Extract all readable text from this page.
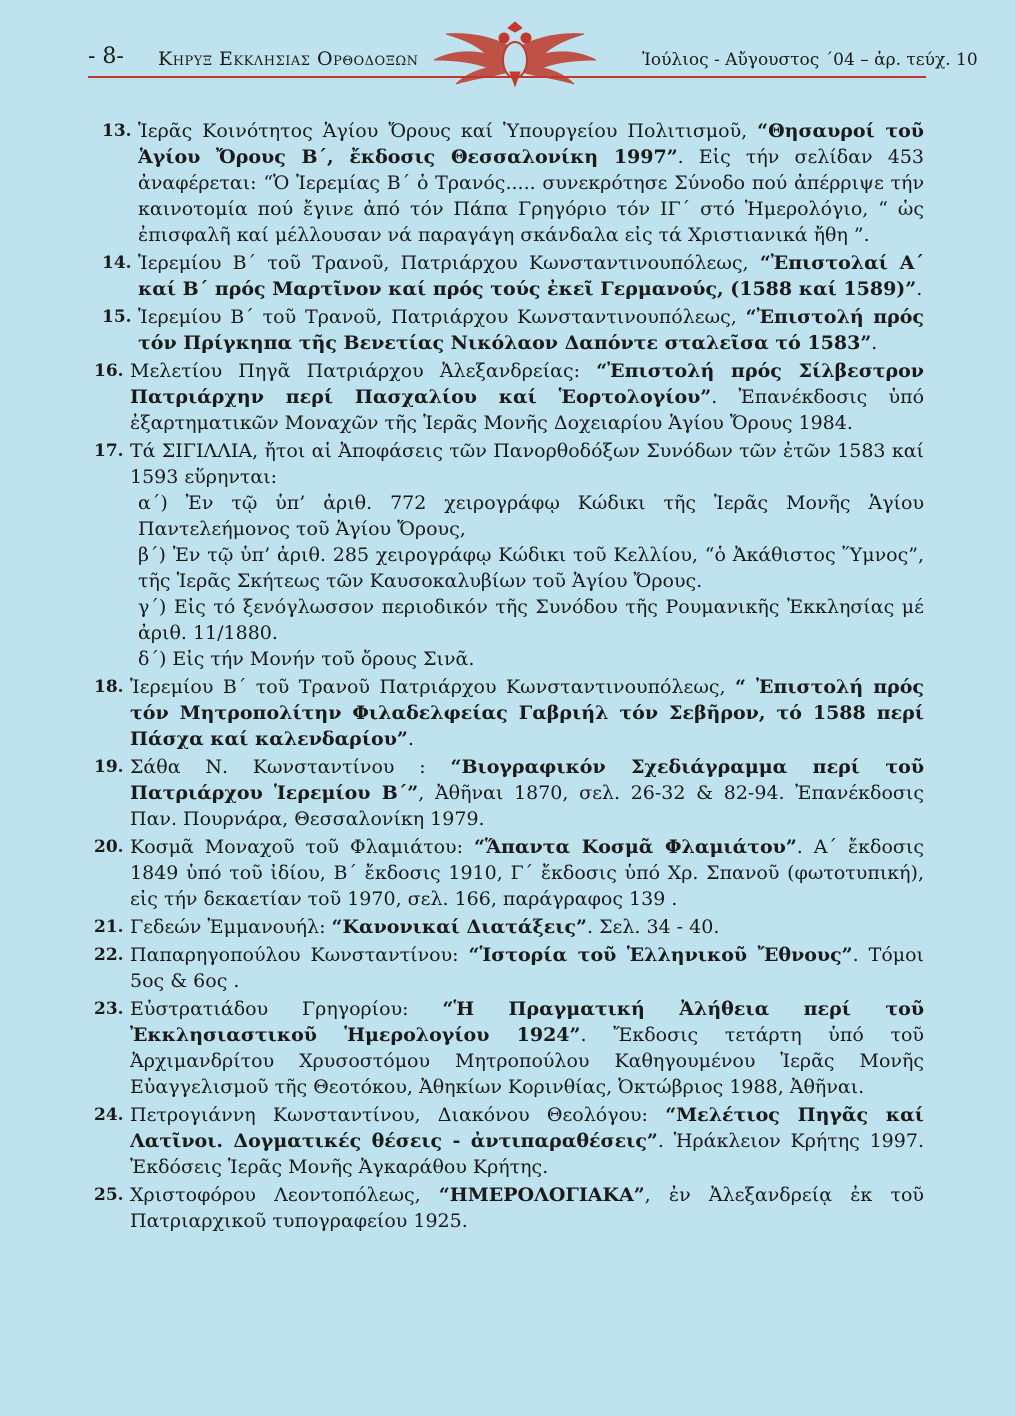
- 8- Κηρυξ Εκκλησιας Ορθοδοξων	Ἰούλιος - Αὔγουστος ΄04 – ἀρ. τεύχ. 10
13. Ἱερᾶς Κοινότητος Ἁγίου Ὄρους καί Ὑπουργείου Πολιτισμοῦ, “Θησαυροί τοῦ Ἁγίου Ὄρους Β΄, ἔκδοσις Θεσσαλονίκη 1997”. Εἰς τήν σελίδαν 453 ἀναφέρεται: “Ὁ Ἱερεμίας Β΄ ὁ Τρανός..... συνεκρότησε Σύνοδο πού ἀπέρριψε τήν καινοτομία πού ἔγινε ἀπό τόν Πάπα Γρηγόριο τόν ΙΓ΄ στό Ἡμερολόγιο, “ ὡς ἐπισφαλῆ καί μέλλουσαν νά παραγάγη σκάνδαλα εἰς τά Χριστιανικά ἤθη ”.
14. Ἱερεμίου Β΄ τοῦ Τρανοῦ, Πατριάρχου Κωνσταντινουπόλεως, “Ἐπιστολαί Α΄ καί Β΄ πρός Μαρτῖνον καί πρός τούς ἐκεῖ Γερμανούς, (1588 καί 1589)”.
15. Ἱερεμίου Β΄ τοῦ Τρανοῦ, Πατριάρχου Κωνσταντινουπόλεως, “Ἐπιστολή πρός τόν Πρίγκηπα τῆς Βενετίας Νικόλαον Δαπόντε σταλεῖσα τό 1583”.
16. Μελετίου Πηγᾶ Πατριάρχου Ἀλεξανδρείας: “Ἐπιστολή πρός Σίλβεστρον Πατριάρχην περί Πασχαλίου καί Ἑορτολογίου”. Ἐπανέκδοσις ὑπό ἐξαρτηματικῶν Μοναχῶν τῆς Ἱερᾶς Μονῆς Δοχειαρίου Ἁγίου Ὄρους 1984.
17. Τά ΣΙΓΙΛΛΙΑ, ἤτοι αἱ Ἀποφάσεις τῶν Πανορθοδόξων Συνόδων τῶν ἐτῶν 1583 καί 1593 εὕρηνται:
α΄) Ἐν τῷ ὑπ’ ἀριθ. 772 χειρογράφῳ Κώδικι τῆς Ἱερᾶς Μονῆς Ἁγίου Παντελεήμονος τοῦ Ἁγίου Ὄρους,
β΄) Ἐν τῷ ὑπ’ ἀριθ. 285 χειρογράφῳ Κώδικι τοῦ Κελλίου, “ὁ Ἀκάθιστος Ὕμνος”, τῆς Ἱερᾶς Σκήτεως τῶν Καυσοκαλυβίων τοῦ Ἁγίου Ὄρους.
γ΄) Εἰς τό ξενόγλωσσον περιοδικόν τῆς Συνόδου τῆς Ρουμανικῆς Ἐκκλησίας μέ ἀριθ. 11/1880.
δ΄) Εἰς τήν Μονήν τοῦ ὄρους Σινᾶ.
18. Ἱερεμίου Β΄ τοῦ Τρανοῦ Πατριάρχου Κωνσταντινουπόλεως, “ Ἐπιστολή πρός τόν Μητροπολίτην Φιλαδελφείας Γαβριήλ τόν Σεβῆρον, τό 1588 περί Πάσχα καί καλενδαρίου”.
19. Σάθα Ν. Κωνσταντίνου : “Βιογραφικόν Σχεδιάγραμμα περί τοῦ Πατριάρχου Ἱερεμίου Β΄”, Ἀθῆναι 1870, σελ. 26-32 & 82-94. Ἐπανέκδοσις Παν. Πουρνάρα, Θεσσαλονίκη 1979.
20. Κοσμᾶ Μοναχοῦ τοῦ Φλαμιάτου: “Ἅπαντα Κοσμᾶ Φλαμιάτου”. Α΄ ἔκδοσις 1849 ὑπό τοῦ ἰδίου, Β΄ ἔκδοσις 1910, Γ΄ ἔκδοσις ὑπό Χρ. Σπανοῦ (φωτοτυπική), εἰς τήν δεκαετίαν τοῦ 1970, σελ. 166, παράγραφος 139 .
21. Γεδεών Ἐμμανουήλ: “Κανονικαί Διατάξεις”. Σελ. 34 - 40.
22. Παπαρηγοπούλου Κωνσταντίνου: “Ἱστορία τοῦ Ἑλληνικοῦ Ἔθνους”. Τόμοι 5ος & 6ος .
23. Εὐστρατιάδου Γρηγορίου: “Ἡ Πραγματική Ἀλήθεια περί τοῦ Ἐκκλησιαστικοῦ Ἡμερολογίου 1924”. Ἔκδοσις τετάρτη ὑπό τοῦ Ἀρχιμανδρίτου Χρυσοστόμου Μητροπούλου Καθηγουμένου Ἱερᾶς Μονῆς Εὐαγγελισμοῦ τῆς Θεοτόκου, Ἀθηκίων Κορινθίας, Ὀκτώβριος 1988, Ἀθῆναι.
24. Πετρογιάννη Κωνσταντίνου, Διακόνου Θεολόγου: “Μελέτιος Πηγᾶς καί Λατῖνοι. Δογματικές θέσεις - ἀντιπαραθέσεις”. Ἡράκλειον Κρήτης 1997. Ἐκδόσεις Ἱερᾶς Μονῆς Ἀγκαράθου Κρήτης.
25. Χριστοφόρου Λεοντοπόλεως, “ΗΜΕΡΟΛΟΓΙΑΚΑ”, ἐν Ἀλεξανδρείᾳ ἐκ τοῦ Πατριαρχικοῦ τυπογραφείου 1925.
